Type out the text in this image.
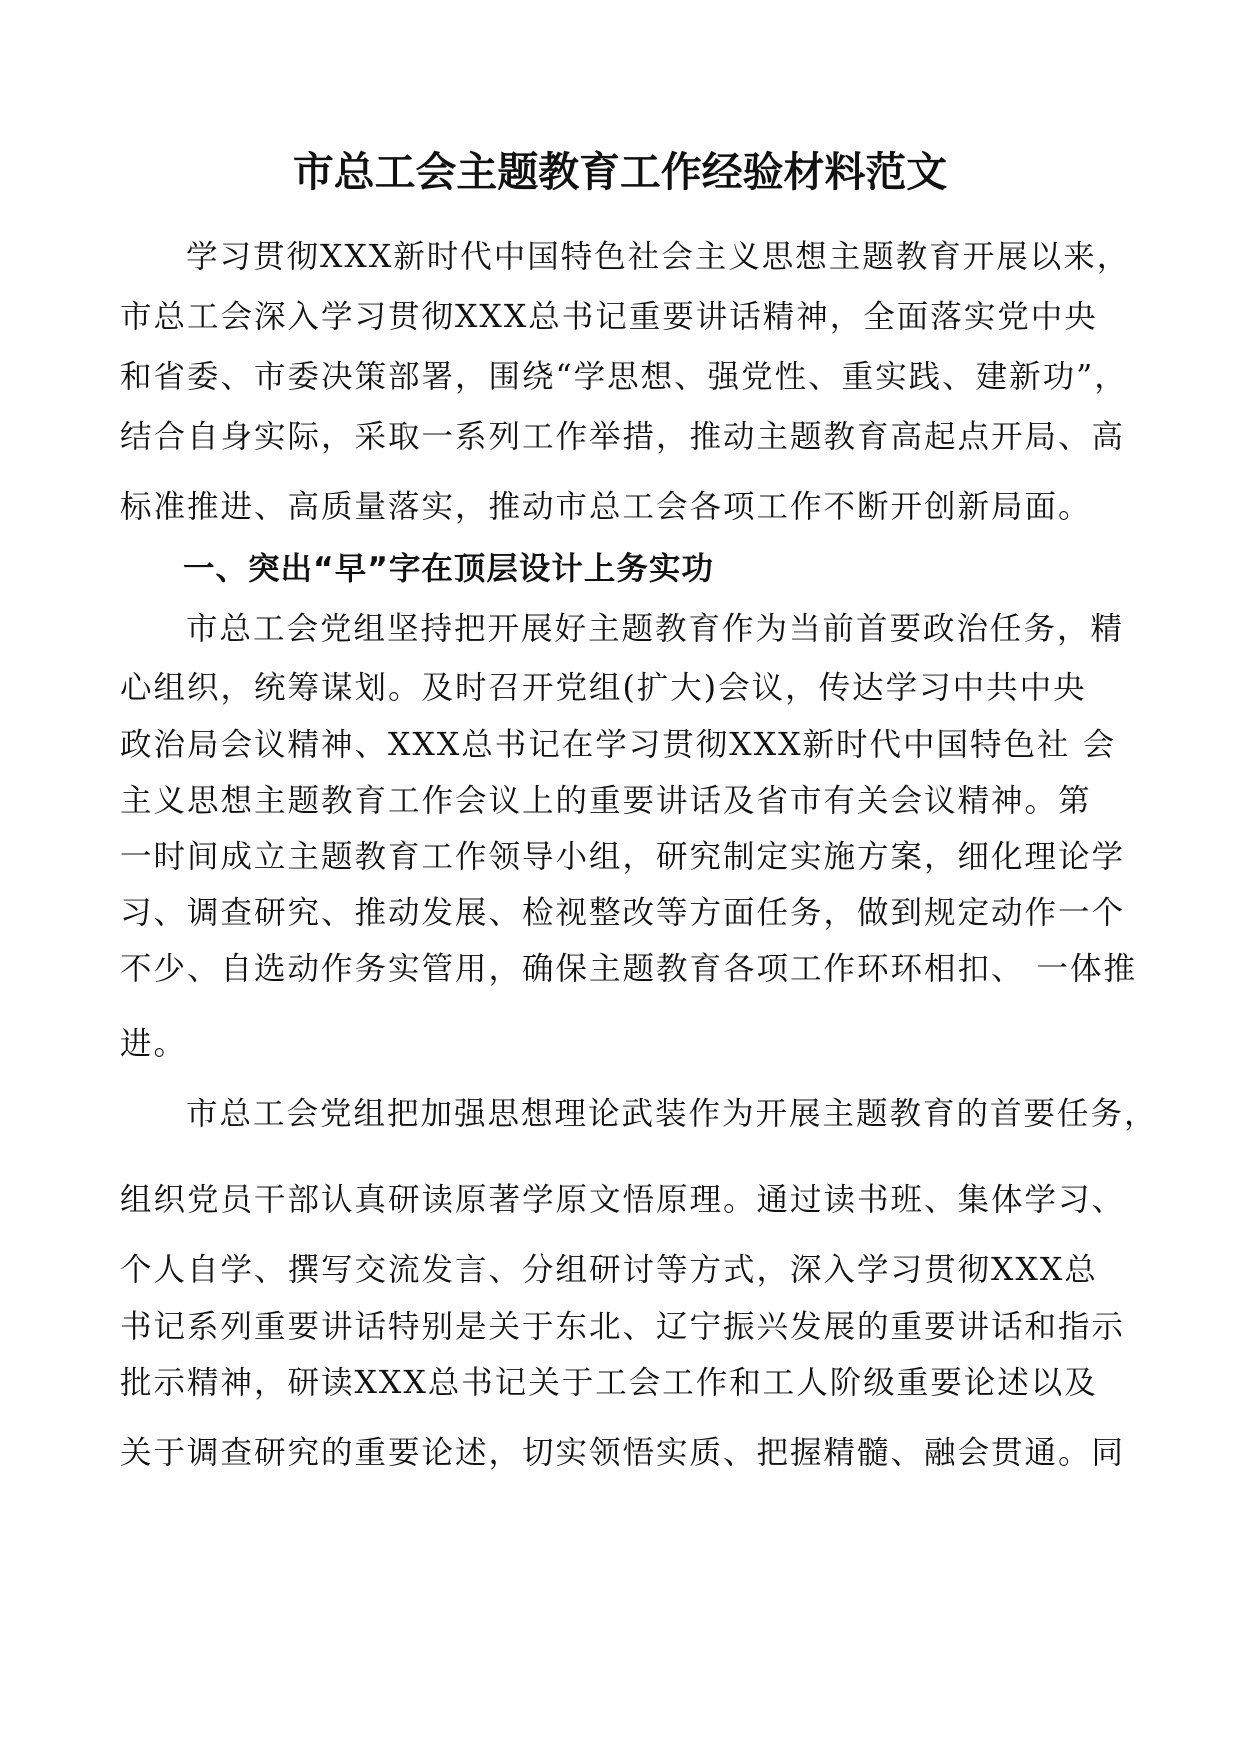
市总工会主题教育工作经验材料范文
学习贯彻XXX新时代中国特色社会主义思想主题教育开展以来，
市总工会深入学习贯彻XXX总书记重要讲话精神，全面落实党中央
和省委、市委决策部署，围绕“学思想、强党性、重实践、建新功”，
结合自身实际，采取一系列工作举措，推动主题教育高起点开局、高
标准推进、高质量落实，推动市总工会各项工作不断开创新局面。
一、突出“早”字在顶层设计上务实功
市总工会党组坚持把开展好主题教育作为当前首要政治任务，精
心组织，统筹谋划。及时召开党组(扩大)会议，传达学习中共中央
政治局会议精神、XXX总书记在学习贯彻XXX新时代中国特色社 会
主义思想主题教育工作会议上的重要讲话及省市有关会议精神。第
一时间成立主题教育工作领导小组，研究制定实施方案，细化理论学
习、调查研究、推动发展、检视整改等方面任务，做到规定动作一个
不少、自选动作务实管用，确保主题教育各项工作环环相扣、 一体推
进。
市总工会党组把加强思想理论武装作为开展主题教育的首要任务，
组织党员干部认真研读原著学原文悟原理。通过读书班、集体学习、
个人自学、撰写交流发言、分组研讨等方式，深入学习贯彻XXX总
书记系列重要讲话特别是关于东北、辽宁振兴发展的重要讲话和指示
批示精神，研读XXX总书记关于工会工作和工人阶级重要论述以及
关于调查研究的重要论述，切实领悟实质、把握精髓、融会贯通。同
